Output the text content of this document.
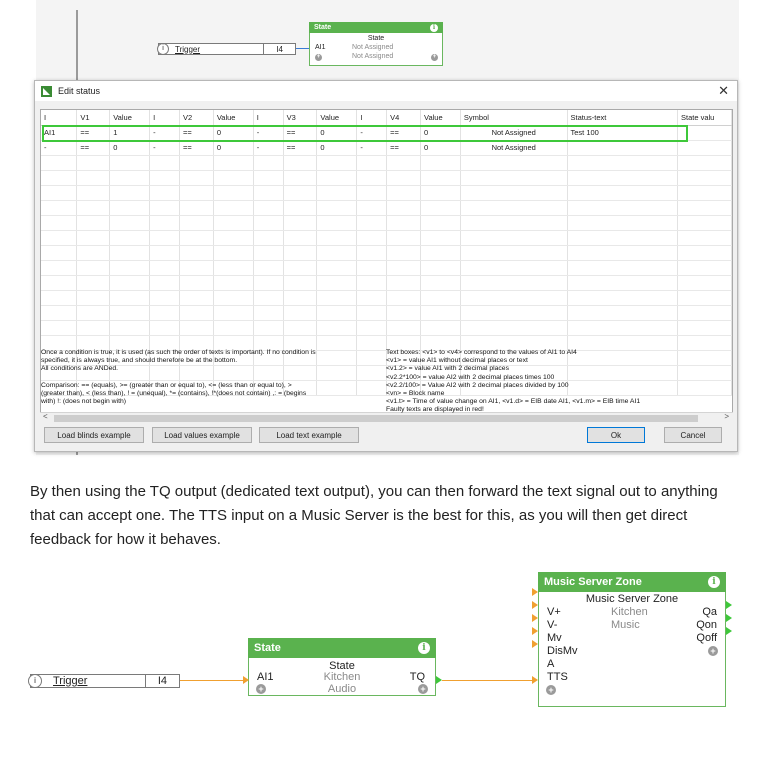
i	Trigger	I4
State	i
State
AI1	Not Assigned
Not Assigned
+	+
Edit status	✕
I	V1	Value	I	V2	Value	I	V3	Value	I	V4	Value	Symbol	Status-text	State valu
AI1	==	1	-	==	0	-	==	0	-	==	0	Not Assigned	Test 100	
-	==	0	-	==	0	-	==	0	-	==	0	Not Assigned		

<	>
Once a condition is true, it is used (as such the order of texts is important). If no condition is
specified, it is always true, and should therefore be at the bottom.
All conditions are ANDed.
Comparison: == (equals), >= (greater than or equal to), <= (less than or equal to), >
(greater than), < (less than), ! = (unequal), *= (contains), !*(does not contain) ,: = (begins
with) !: (does not begin with)
Text boxes: <v1> to <v4> correspond to the values of AI1 to AI4
<v1> = value AI1 without decimal places or text
<v1.2> = value AI1 with 2 decimal places
<v2.2*100> = value AI2 with 2 decimal places times 100
<v2.2/100> = Value AI2 with 2 decimal places divided by 100
<vn> = Block name
<v1.t> = Time of value change on AI1, <v1.d> = EIB date AI1, <v1.m> = EIB time AI1
Faulty texts are displayed in red!
Load blinds example	Load values example	Load text example	Ok	Cancel
By then using the TQ output (dedicated text output), you can then forward the text signal out to anything that can accept one. The TTS input on a Music Server is the best for this, as you will then get direct feedback for how it behaves.
i	Trigger	I4
State	i
State
AI1	Kitchen	TQ
Audio
+	+
Music Server Zone	i
Music Server Zone
V+
V-
Mv
DisMv
A
TTS
Kitchen
Music
Qa
Qon
Qoff
+
+
